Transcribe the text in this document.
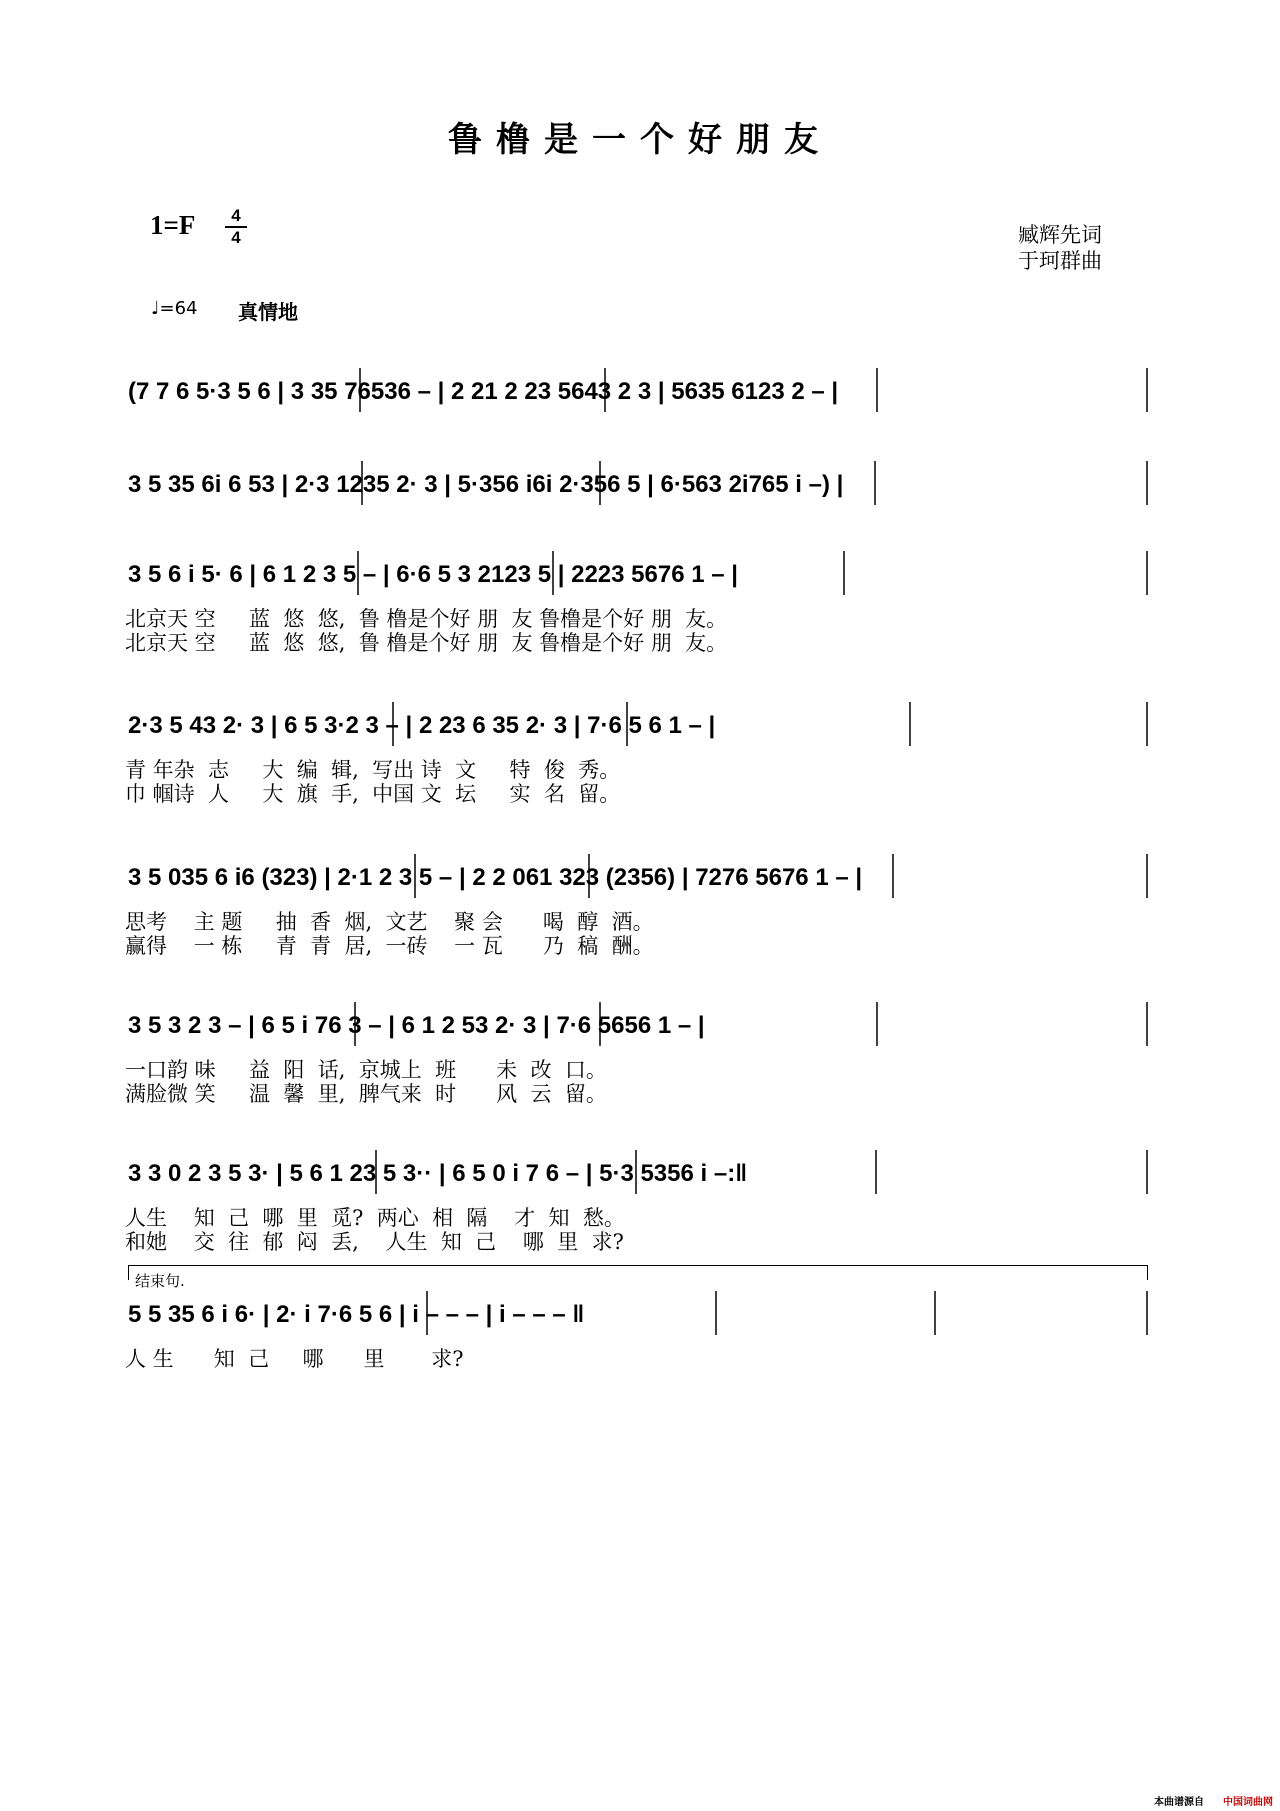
鲁橹是一个好朋友
1=F	4
4	臧辉先词
于珂群曲
♩=64 真情地
(7 7 6 5·3 5 6 | 3 35 76536 – | 2 21 2 23 5643 2 3 | 5635 6123 2 – |
3 5 35 6i 6 53 | 2·3 1235 2· 3 | 5·356 i6i 2·356 5 | 6·563 2i765 i –) |
3 5 6 i 5· 6 | 6 1 2 3 5 – | 6·6 5 3 2123 5 | 2223 5676 1 – |
北京天 空     蓝  悠  悠,  鲁 橹是个好 朋  友 鲁橹是个好 朋  友。
北京天 空     蓝  悠  悠,  鲁 橹是个好 朋  友 鲁橹是个好 朋  友。
2·3 5 43 2· 3 | 6 5 3·2 3 – | 2 23 6 35 2· 3 | 7·6 5 6 1 – |
青 年杂  志     大  编  辑,  写出 诗  文     特  俊  秀。
巾 帼诗  人     大  旗  手,  中国 文  坛     实  名  留。
3 5 035 6 i6 (323) | 2·1 2 3 5 – | 2 2 061 323 (2356) | 7276 5676 1 – |
思考    主 题     抽  香  烟,  文艺    聚 会      喝  醇  酒。
赢得    一 栋     青  青  居,  一砖    一 瓦      乃  稿  酬。
3 5 3 2 3 – | 6 5 i 76 3 – | 6 1 2 53 2· 3 | 7·6 5656 1 – |
一口韵 味     益  阳  话,  京城上  班      未  改  口。
满脸微 笑     温  馨  里,  脾气来  时      风  云  留。
3 3 0 2 3 5 3· | 5 6 1 23 5 3·· | 6 5 0 i 7 6 – | 5·3 5356 i –:‖
人生    知  己  哪  里  觅?  两心  相  隔    才  知  愁。
和她    交  往  郁  闷  丢,    人生  知  己    哪  里  求?
5 5 35 6 i 6· | 2· i 7·6 5 6 | i – – – | i – – – ‖
人 生      知  己     哪      里       求?
结束句.
本曲谱源自 中国词曲网
